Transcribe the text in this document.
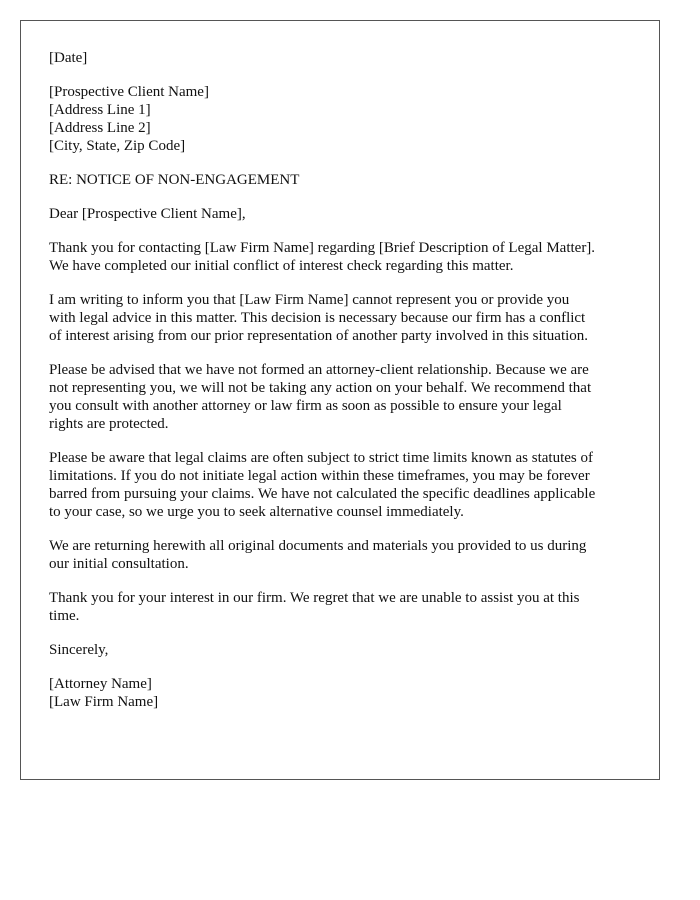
[Date]
[Prospective Client Name]
[Address Line 1]
[Address Line 2]
[City, State, Zip Code]
RE: NOTICE OF NON-ENGAGEMENT
Dear [Prospective Client Name],
Thank you for contacting [Law Firm Name] regarding [Brief Description of Legal Matter].
We have completed our initial conflict of interest check regarding this matter.
I am writing to inform you that [Law Firm Name] cannot represent you or provide you
with legal advice in this matter. This decision is necessary because our firm has a conflict
of interest arising from our prior representation of another party involved in this situation.
Please be advised that we have not formed an attorney-client relationship. Because we are
not representing you, we will not be taking any action on your behalf. We recommend that
you consult with another attorney or law firm as soon as possible to ensure your legal
rights are protected.
Please be aware that legal claims are often subject to strict time limits known as statutes of
limitations. If you do not initiate legal action within these timeframes, you may be forever
barred from pursuing your claims. We have not calculated the specific deadlines applicable
to your case, so we urge you to seek alternative counsel immediately.
We are returning herewith all original documents and materials you provided to us during
our initial consultation.
Thank you for your interest in our firm. We regret that we are unable to assist you at this
time.
Sincerely,
[Attorney Name]
[Law Firm Name]
